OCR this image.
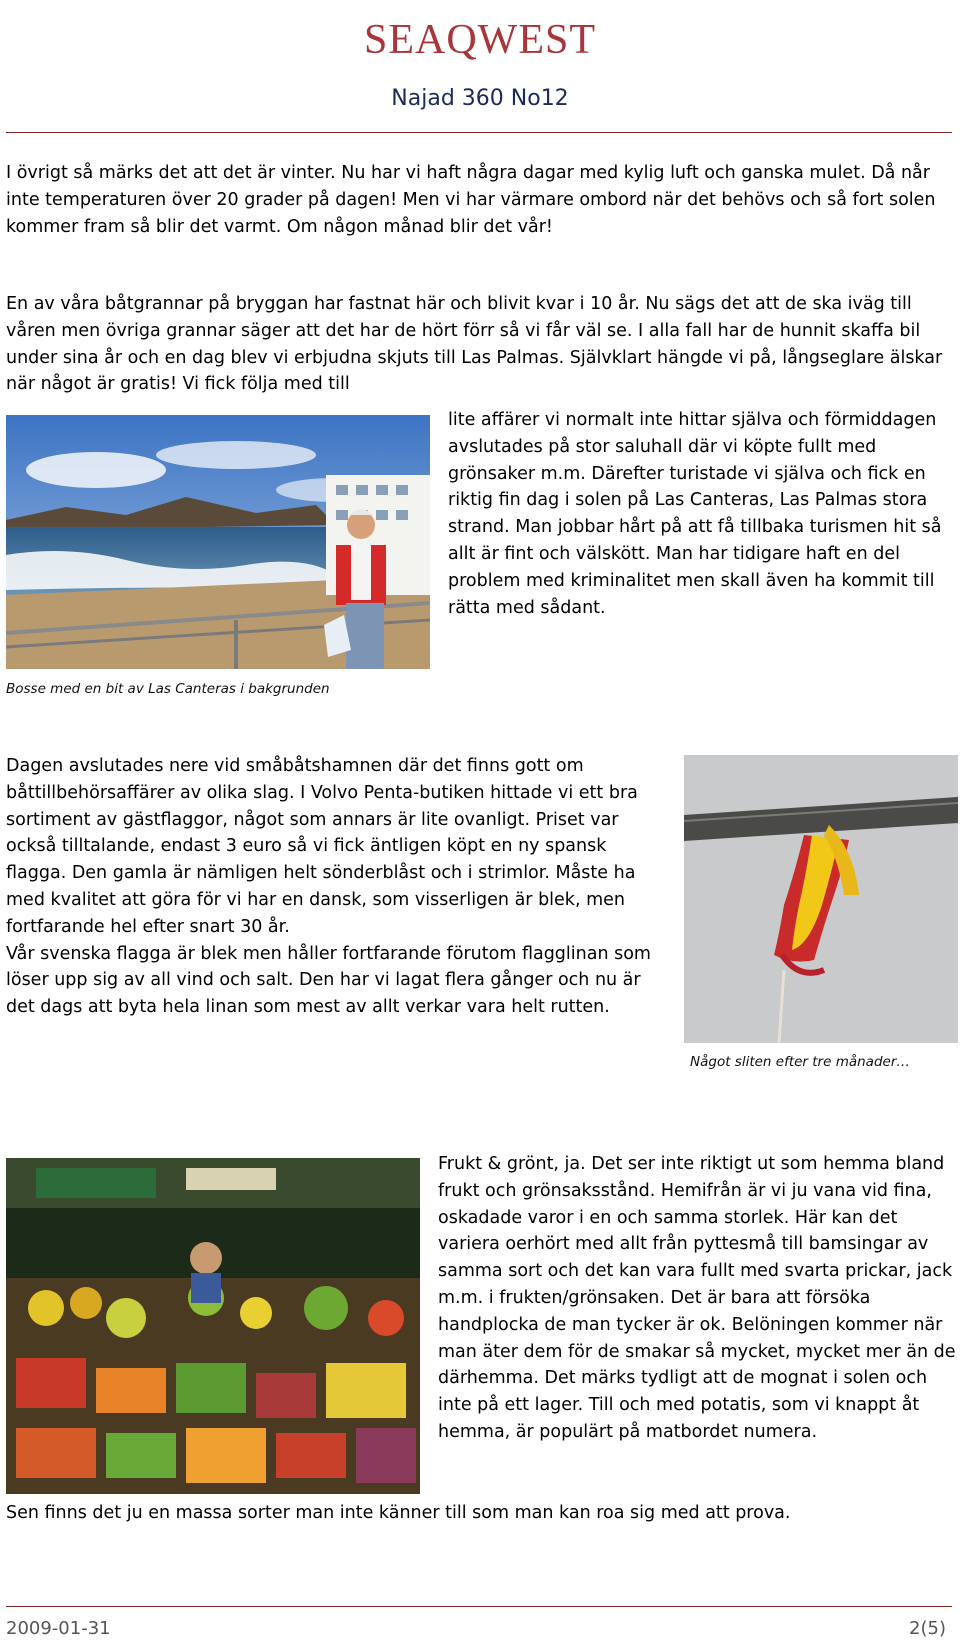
SEAQWEST
Najad 360 No12

I övrigt så märks det att det är vinter. Nu har vi haft några dagar med kylig luft och ganska mulet. Då når inte temperaturen över 20 grader på dagen! Men vi har värmare ombord när det behövs och så fort solen kommer fram så blir det varmt. Om någon månad blir det vår!

En av våra båtgrannar på bryggan har fastnat här och blivit kvar i 10 år. Nu sägs det att de ska iväg till våren men övriga grannar säger att det har de hört förr så vi får väl se. I alla fall har de hunnit skaffa bil under sina år och en dag blev vi erbjudna skjuts till Las Palmas. Självklart hängde vi på, långseglare älskar när något är gratis! Vi fick följa med till

lite affärer vi normalt inte hittar själva och förmiddagen avslutades på stor saluhall där vi köpte fullt med grönsaker m.m. Därefter turistade vi själva och fick en riktig fin dag i solen på Las Canteras, Las Palmas stora strand. Man jobbar hårt på att få tillbaka turismen hit så allt är fint och välskött. Man har tidigare haft en del problem med kriminalitet men skall även ha kommit till rätta med sådant.

Bosse med en bit av Las Canteras i bakgrunden

Dagen avslutades nere vid småbåtshamnen där det finns gott om båttillbehörsaffärer av olika slag. I Volvo Penta-butiken hittade vi ett bra sortiment av gästflaggor, något som annars är lite ovanligt. Priset var också tilltalande, endast 3 euro så vi fick äntligen köpt en ny spansk flagga. Den gamla är nämligen helt sönderblåst och i strimlor. Måste ha med kvalitet att göra för vi har en dansk, som visserligen är blek, men fortfarande hel efter snart 30 år.

Vår svenska flagga är blek men håller fortfarande förutom flagglinan som löser upp sig av all vind och salt. Den har vi lagat flera gånger och nu är det dags att byta hela linan som mest av allt verkar vara helt rutten.

Något sliten efter tre månader…

Frukt & grönt, ja. Det ser inte riktigt ut som hemma bland frukt och grönsaksstånd. Hemifrån är vi ju vana vid fina, oskadade varor i en och samma storlek. Här kan det variera oerhört med allt från pyttesmå till bamsingar av samma sort och det kan vara fullt med svarta prickar, jack m.m. i frukten/grönsaken. Det är bara att försöka handplocka de man tycker är ok. Belöningen kommer när man äter dem för de smakar så mycket, mycket mer än de därhemma. Det märks tydligt att de mognat i solen och inte på ett lager. Till och med potatis, som vi knappt åt hemma, är populärt på matbordet numera.

Sen finns det ju en massa sorter man inte känner till som man kan roa sig med att prova.

2009-01-31	2(5)
